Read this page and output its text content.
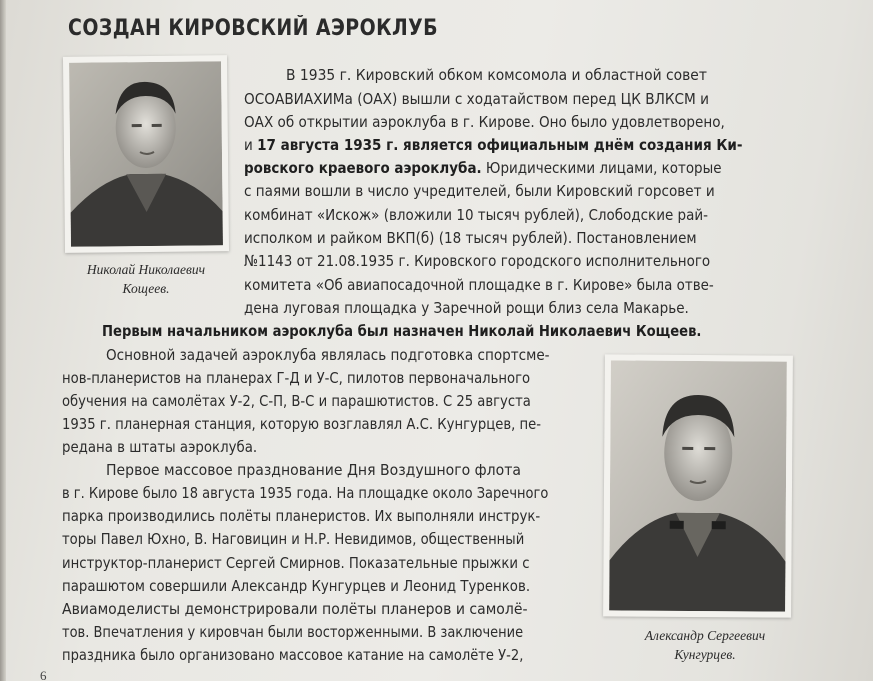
СОЗДАН КИРОВСКИЙ АЭРОКЛУБ
Николай Николаевич
Кощеев.
В 1935 г. Кировский обком комсомола и областной совет
ОСОАВИАХИМа (ОАХ) вышли с ходатайством перед ЦК ВЛКСМ и
ОАХ об открытии аэроклуба в г. Кирове. Оно было удовлетворено,
и 17 августа 1935 г. является официальным днём создания Ки-
ровского краевого аэроклуба. Юридическими лицами, которые
с паями вошли в число учредителей, были Кировский горсовет и
комбинат «Искож» (вложили 10 тысяч рублей), Слободские рай-
исполком и райком ВКП(б) (18 тысяч рублей). Постановлением
№1143 от 21.08.1935 г. Кировского городского исполнительного
комитета «Об авиапосадочной площадке в г. Кирове» была отве-
дена луговая площадка у Заречной рощи близ села Макарье.
Первым начальником аэроклуба был назначен Николай Николаевич Кощеев.
Основной задачей аэроклуба являлась подготовка спортсме-
нов-планеристов на планерах Г-Д и У-С, пилотов первоначального
обучения на самолётах У-2, С-П, В-С и парашютистов. С 25 августа
1935 г. планерная станция, которую возглавлял А.С. Кунгурцев, пе-
редана в штаты аэроклуба.
Первое массовое празднование Дня Воздушного флота
в г. Кирове было 18 августа 1935 года. На площадке около Заречного
парка производились полёты планеристов. Их выполняли инструк-
торы Павел Юхно, В. Наговицин и Н.Р. Невидимов, общественный
инструктор-планерист Сергей Смирнов. Показательные прыжки с
парашютом совершили Александр Кунгурцев и Леонид Туренков.
Авиамоделисты демонстрировали полёты планеров и самолё-
тов. Впечатления у кировчан были восторженными. В заключение
праздника было организовано массовое катание на самолёте У-2,
Александр Сергеевич
Кунгурцев.
6
